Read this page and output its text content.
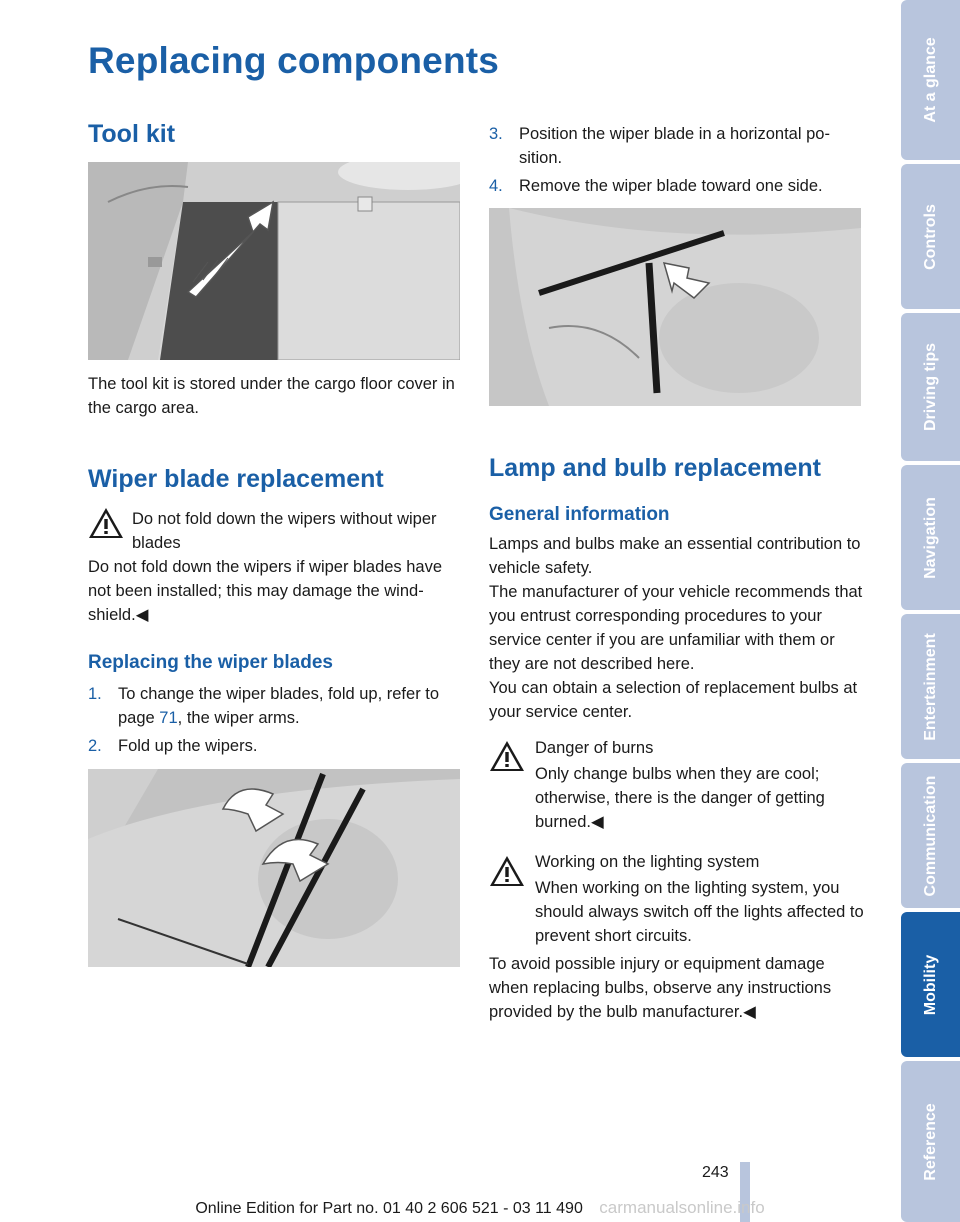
Replacing components
Tool kit

The tool kit is stored under the cargo floor cover in the cargo area.

Wiper blade replacement

Do not fold down the wipers without wiper blades

Do not fold down the wipers if wiper blades have not been installed; this may damage the wind‐shield.◀

Replacing the wiper blades
1. To change the wiper blades, fold up, refer to page 71, the wiper arms.
2. Fold up the wipers.
3. Position the wiper blade in a horizontal po‐sition.
4. Remove the wiper blade toward one side.
Lamp and bulb replacement
General information

Lamps and bulbs make an essential contribution to vehicle safety.

The manufacturer of your vehicle recommends that you entrust corresponding procedures to your service center if you are unfamiliar with them or they are not described here.

You can obtain a selection of replacement bulbs at your service center.

Danger of burns

Only change bulbs when they are cool; otherwise, there is the danger of getting burned.◀

Working on the lighting system

When working on the lighting system, you should always switch off the lights affected to prevent short circuits.

To avoid possible injury or equipment damage when replacing bulbs, observe any instructions provided by the bulb manufacturer.◀

At a glance
Controls
Driving tips
Navigation
Entertainment
Communication
Mobility
Reference
243
Online Edition for Part no. 01 40 2 606 521 - 03 11 490 carmanualsonline.info
